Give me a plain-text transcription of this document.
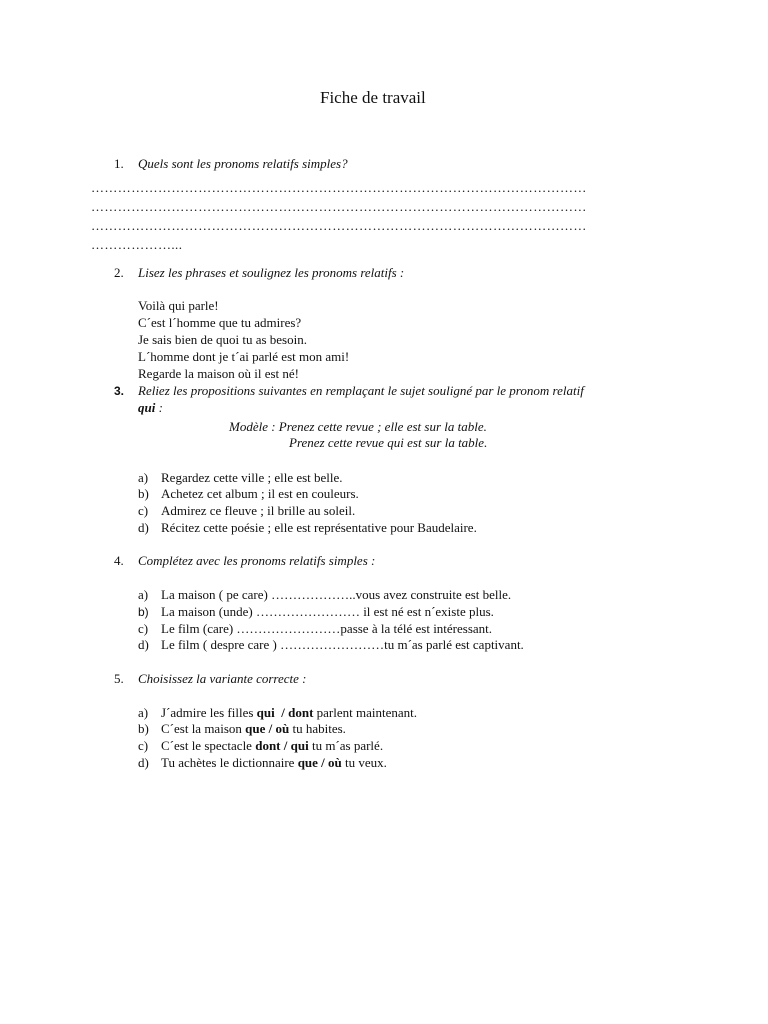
Fiche de travail
1. Quels sont les pronoms relatifs simples?
…………………………………………………………………………………………………
…………………………………………………………………………………………………
…………………………………………………………………………………………………
………………...
2. Lisez les phrases et soulignez les pronoms relatifs :
Voilà qui parle!
C´est l´homme que tu admires?
Je sais bien de quoi tu as besoin.
L´homme dont je t´ai parlé est mon ami!
Regarde la maison où il est né!
3. Reliez les propositions suivantes en remplaçant le sujet souligné par le pronom relatif
qui :
Modèle : Prenez cette revue ; elle est sur la table.
Prenez cette revue qui est sur la table.
a) Regardez cette ville ; elle est belle.
b) Achetez cet album ; il est en couleurs.
c) Admirez ce fleuve ; il brille au soleil.
d) Récitez cette poésie ; elle est représentative pour Baudelaire.
4. Complétez avec les pronoms relatifs simples :
a) La maison ( pe care) ………………..vous avez construite est belle.
b) La maison (unde) …………………… il est né est n´existe plus.
c) Le film (care) ……………………passe à la télé est intéressant.
d) Le film ( despre care ) ……………………tu m´as parlé est captivant.
5. Choisissez la variante correcte :
a) J´admire les filles qui  / dont parlent maintenant.
b) C´est la maison que / où tu habites.
c) C´est le spectacle dont / qui tu m´as parlé.
d) Tu achètes le dictionnaire que / où tu veux.
